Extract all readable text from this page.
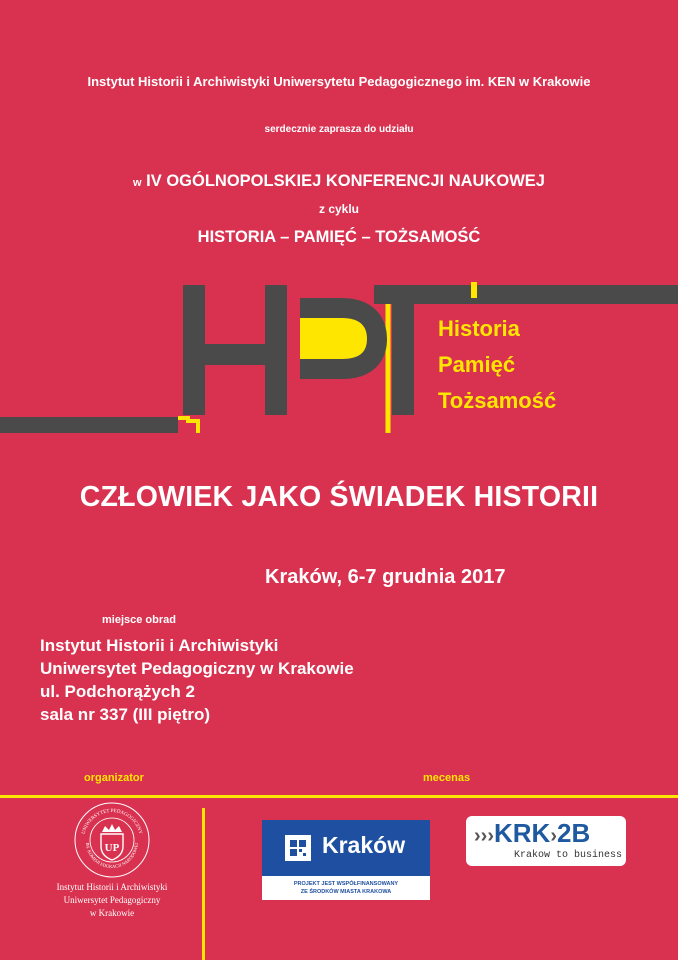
Instytut Historii i Archiwistyki Uniwersytetu Pedagogicznego im. KEN w Krakowie

serdecznie zaprasza do udziału

w IV OGÓLNOPOLSKIEJ KONFERENCJI NAUKOWEJ

z cyklu

HISTORIA – PAMIĘĆ – TOŻSAMOŚĆ

Historia
Pamięć
Tożsamość

CZŁOWIEK JAKO ŚWIADEK HISTORII

Kraków, 6-7 grudnia 2017

miejsce obrad

Instytut Historii i Archiwistyki
Uniwersytet Pedagogiczny w Krakowie
ul. Podchorążych 2
sala nr 337 (III piętro)

organizator	mecenas

UNIWERSYTET PEDAGOGICZNY
IM. KOMISJI EDUKACJI NARODOWEJ
UP
Instytut Historii i Archiwistyki
Uniwersytet Pedagogiczny
w Krakowie
Kraków
PROJEKT JEST WSPÓŁFINANSOWANY
ZE ŚRODKÓW MIASTA KRAKOWA
›››KRK›2B
Krakow to business
